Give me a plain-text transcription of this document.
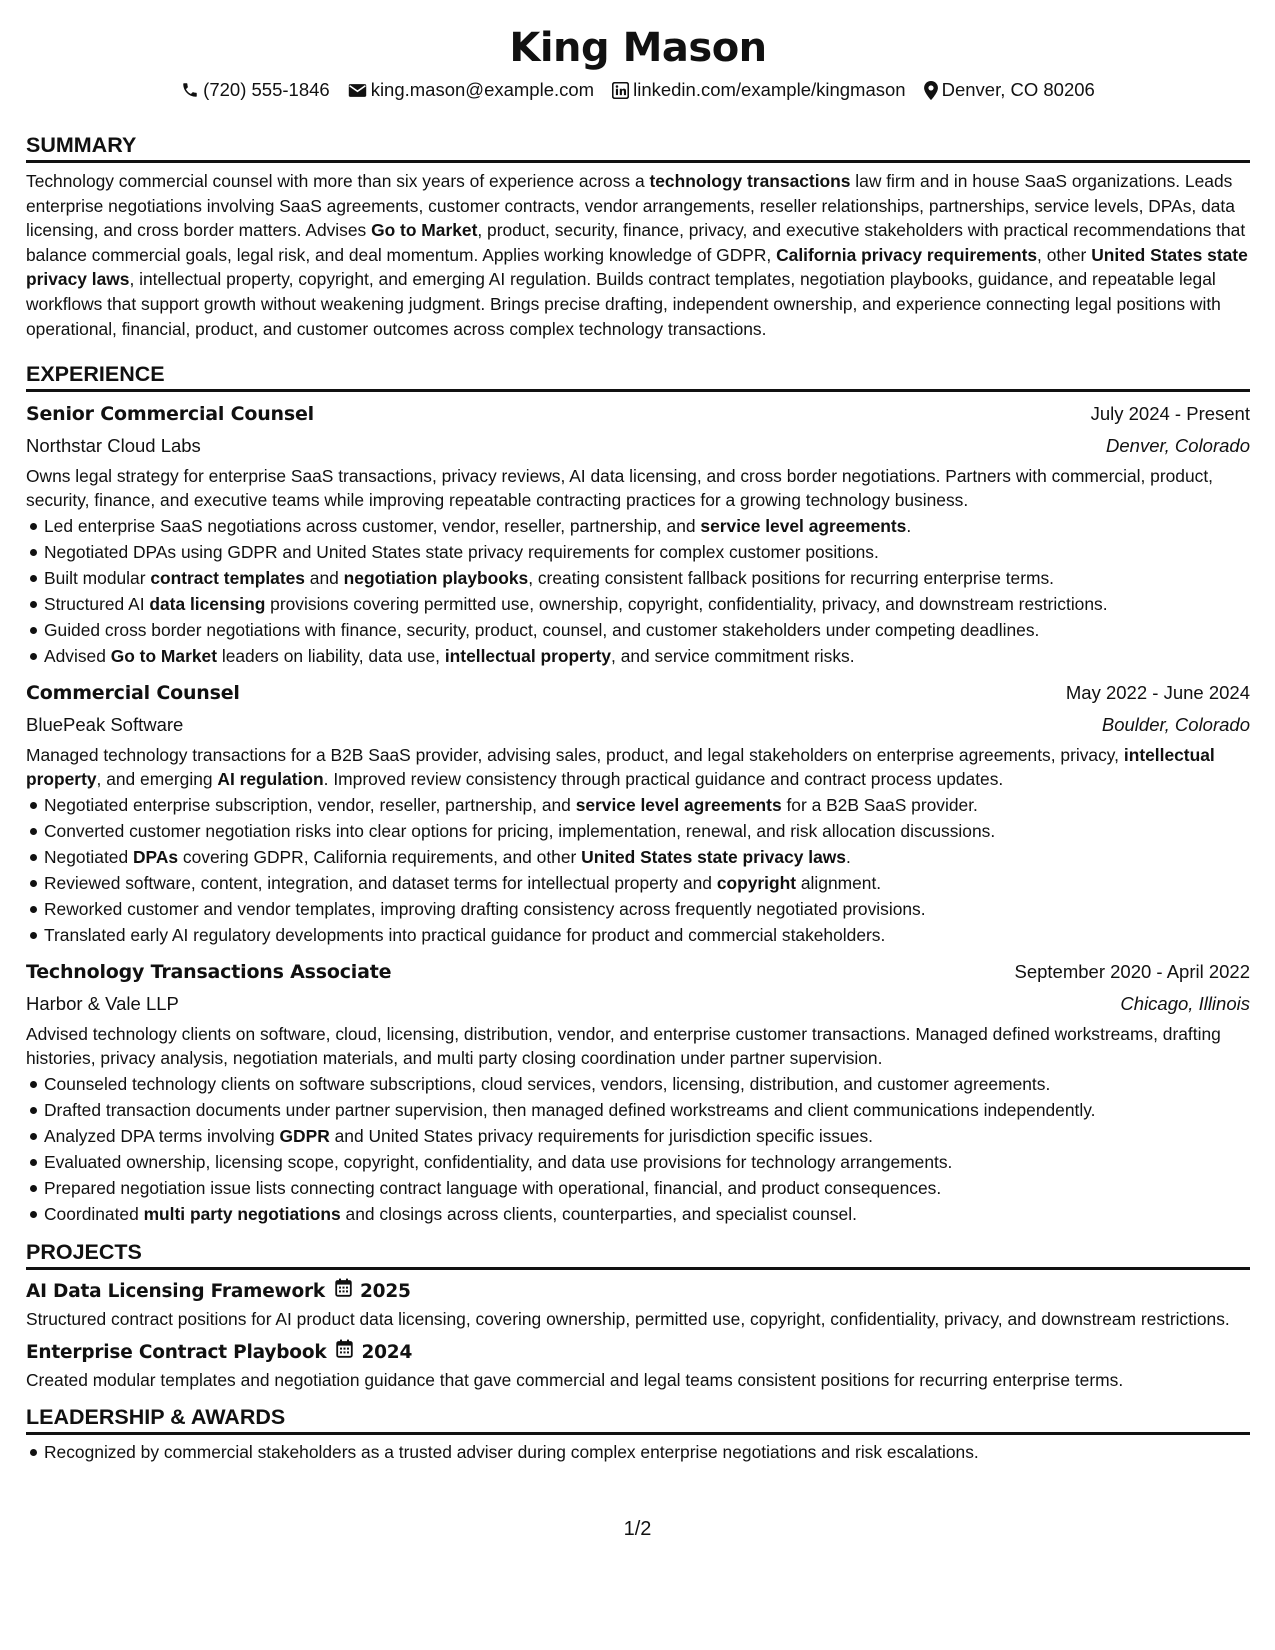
King Mason
(720) 555-1846 king.mason@example.com linkedin.com/example/kingmason Denver, CO 80206
SUMMARY
Technology commercial counsel with more than six years of experience across a technology transactions law firm and in house SaaS organizations. Leads enterprise negotiations involving SaaS agreements, customer contracts, vendor arrangements, reseller relationships, partnerships, service levels, DPAs, data licensing, and cross border matters. Advises Go to Market, product, security, finance, privacy, and executive stakeholders with practical recommendations that balance commercial goals, legal risk, and deal momentum. Applies working knowledge of GDPR, California privacy requirements, other United States state privacy laws, intellectual property, copyright, and emerging AI regulation. Builds contract templates, negotiation playbooks, guidance, and repeatable legal workflows that support growth without weakening judgment. Brings precise drafting, independent ownership, and experience connecting legal positions with operational, financial, product, and customer outcomes across complex technology transactions.
EXPERIENCE
Senior Commercial Counsel	July 2024 - Present
Northstar Cloud Labs	Denver, Colorado
Owns legal strategy for enterprise SaaS transactions, privacy reviews, AI data licensing, and cross border negotiations. Partners with commercial, product, security, finance, and executive teams while improving repeatable contracting practices for a growing technology business.
Led enterprise SaaS negotiations across customer, vendor, reseller, partnership, and service level agreements.
Negotiated DPAs using GDPR and United States state privacy requirements for complex customer positions.
Built modular contract templates and negotiation playbooks, creating consistent fallback positions for recurring enterprise terms.
Structured AI data licensing provisions covering permitted use, ownership, copyright, confidentiality, privacy, and downstream restrictions.
Guided cross border negotiations with finance, security, product, counsel, and customer stakeholders under competing deadlines.
Advised Go to Market leaders on liability, data use, intellectual property, and service commitment risks.
Commercial Counsel	May 2022 - June 2024
BluePeak Software	Boulder, Colorado
Managed technology transactions for a B2B SaaS provider, advising sales, product, and legal stakeholders on enterprise agreements, privacy, intellectual property, and emerging AI regulation. Improved review consistency through practical guidance and contract process updates.
Negotiated enterprise subscription, vendor, reseller, partnership, and service level agreements for a B2B SaaS provider.
Converted customer negotiation risks into clear options for pricing, implementation, renewal, and risk allocation discussions.
Negotiated DPAs covering GDPR, California requirements, and other United States state privacy laws.
Reviewed software, content, integration, and dataset terms for intellectual property and copyright alignment.
Reworked customer and vendor templates, improving drafting consistency across frequently negotiated provisions.
Translated early AI regulatory developments into practical guidance for product and commercial stakeholders.
Technology Transactions Associate	September 2020 - April 2022
Harbor & Vale LLP	Chicago, Illinois
Advised technology clients on software, cloud, licensing, distribution, vendor, and enterprise customer transactions. Managed defined workstreams, drafting histories, privacy analysis, negotiation materials, and multi party closing coordination under partner supervision.
Counseled technology clients on software subscriptions, cloud services, vendors, licensing, distribution, and customer agreements.
Drafted transaction documents under partner supervision, then managed defined workstreams and client communications independently.
Analyzed DPA terms involving GDPR and United States privacy requirements for jurisdiction specific issues.
Evaluated ownership, licensing scope, copyright, confidentiality, and data use provisions for technology arrangements.
Prepared negotiation issue lists connecting contract language with operational, financial, and product consequences.
Coordinated multi party negotiations and closings across clients, counterparties, and specialist counsel.
PROJECTS
AI Data Licensing Framework 2025
Structured contract positions for AI product data licensing, covering ownership, permitted use, copyright, confidentiality, privacy, and downstream restrictions.
Enterprise Contract Playbook 2024
Created modular templates and negotiation guidance that gave commercial and legal teams consistent positions for recurring enterprise terms.
LEADERSHIP & AWARDS
Recognized by commercial stakeholders as a trusted adviser during complex enterprise negotiations and risk escalations.
1/2
